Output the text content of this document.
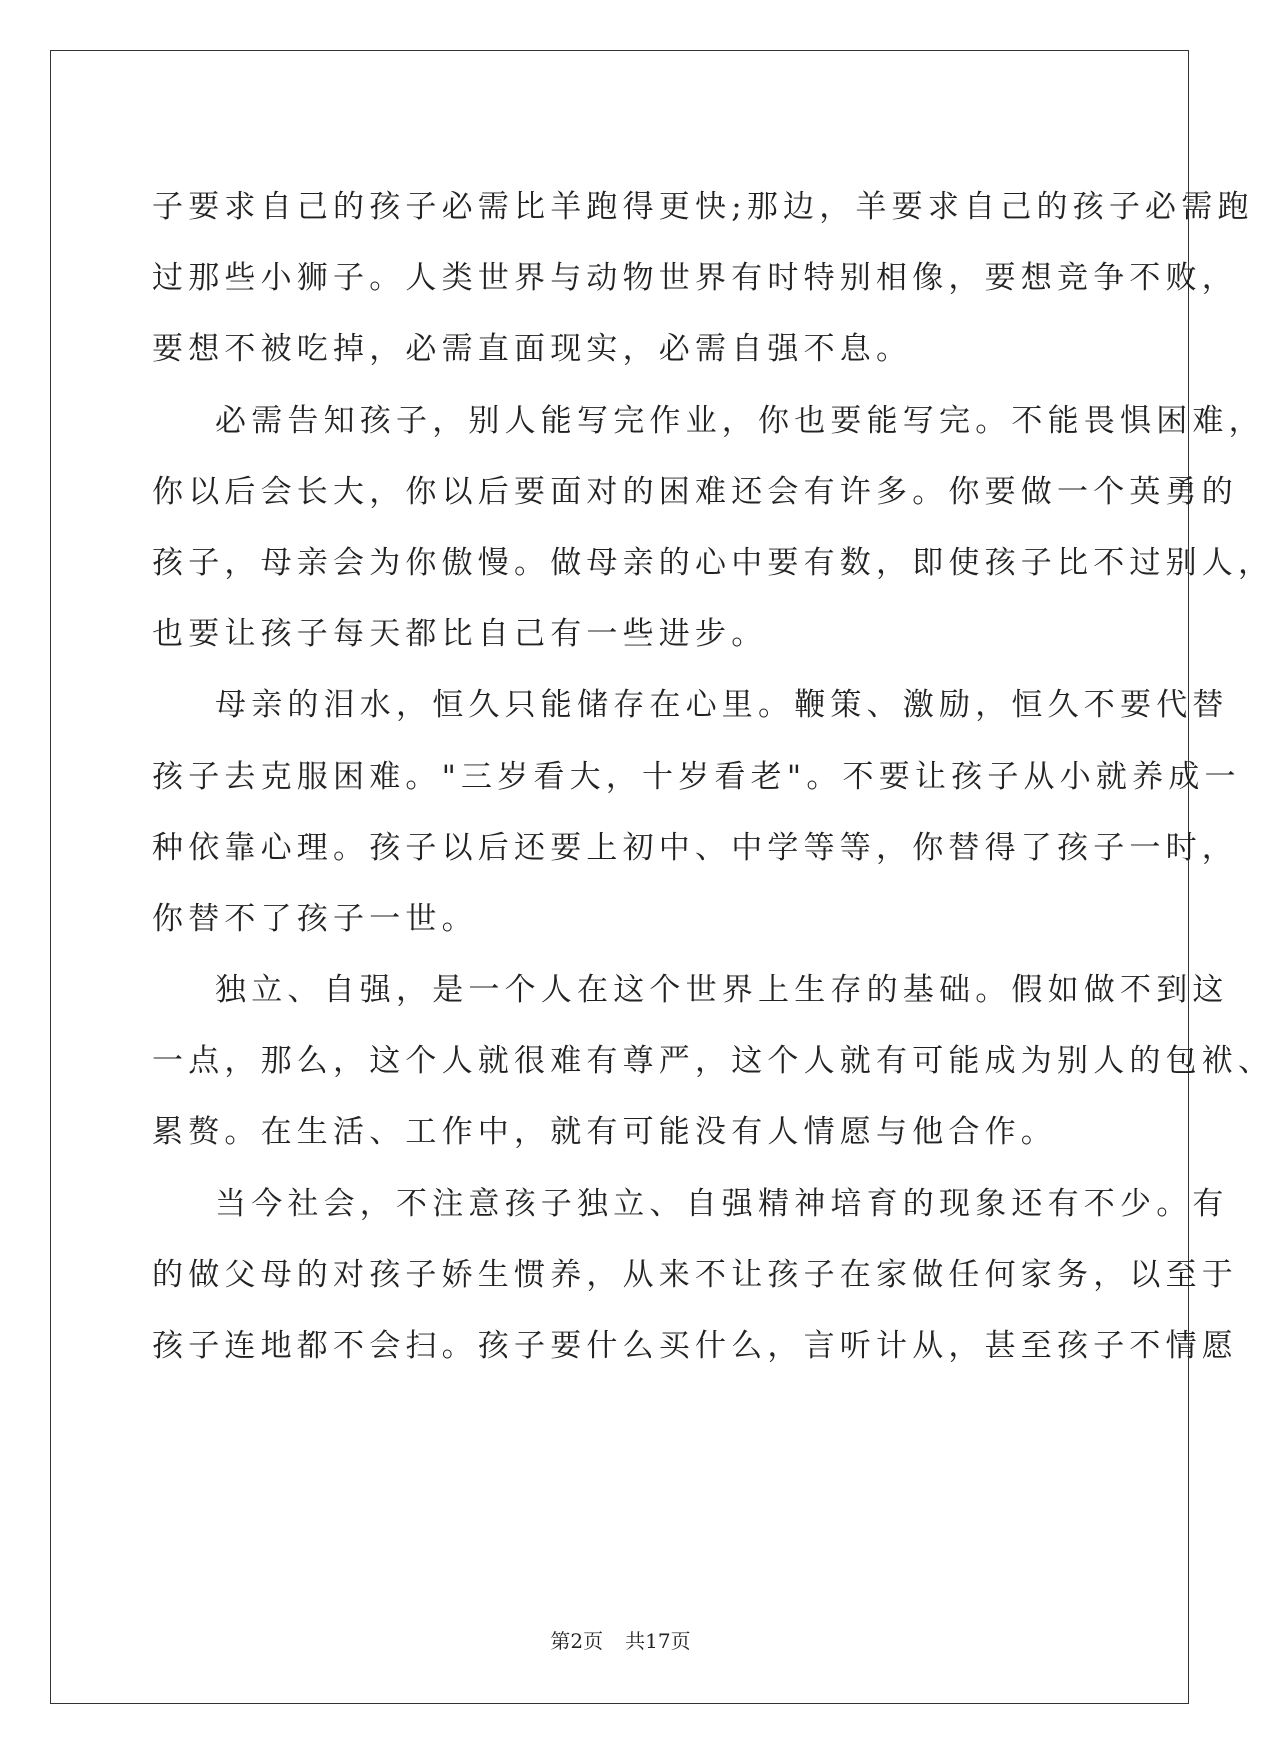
子要求自己的孩子必需比羊跑得更快;那边，羊要求自己的孩子必需跑
过那些小狮子。人类世界与动物世界有时特别相像，要想竞争不败，
要想不被吃掉，必需直面现实，必需自强不息。
必需告知孩子，别人能写完作业，你也要能写完。不能畏惧困难，
你以后会长大，你以后要面对的困难还会有许多。你要做一个英勇的
孩子，母亲会为你傲慢。做母亲的心中要有数，即使孩子比不过别人，
也要让孩子每天都比自己有一些进步。
母亲的泪水，恒久只能储存在心里。鞭策、激励，恒久不要代替
孩子去克服困难。"三岁看大，十岁看老"。不要让孩子从小就养成一
种依靠心理。孩子以后还要上初中、中学等等，你替得了孩子一时，
你替不了孩子一世。
独立、自强，是一个人在这个世界上生存的基础。假如做不到这
一点，那么，这个人就很难有尊严，这个人就有可能成为别人的包袱、
累赘。在生活、工作中，就有可能没有人情愿与他合作。
当今社会，不注意孩子独立、自强精神培育的现象还有不少。有
的做父母的对孩子娇生惯养，从来不让孩子在家做任何家务，以至于
孩子连地都不会扫。孩子要什么买什么，言听计从，甚至孩子不情愿
第2页 共17页
